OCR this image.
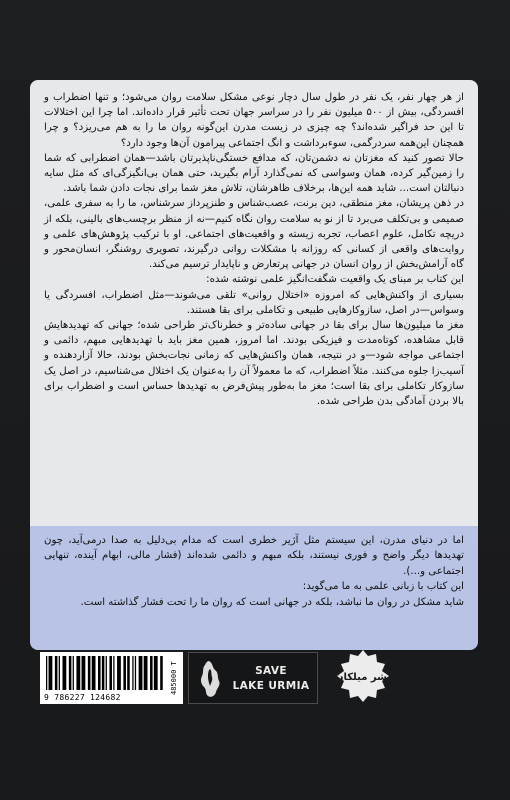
از هر چهار نفر، یک نفر در طول سال دچار نوعی مشکل سلامت روان می‌شود؛ و تنها اضطراب و افسردگی، بیش از ۵۰۰ میلیون نفر را در سراسر جهان تحت تأثیر قرار داده‌اند. اما چرا این اختلالات تا این حد فراگیر شده‌اند؟ چه چیزی در زیست مدرن این‌گونه روان ما را به هم می‌ریزد؟ و چرا همچنان این‌همه سردرگمی، سوءبرداشت و انگ اجتماعی پیرامون آن‌ها وجود دارد؟

حالا تصور کنید که مغزتان نه دشمن‌تان، که مدافع خستگی‌ناپذیرتان باشد—همان اضطرابی که شما را زمین‌گیر کرده، همان وسواسی که نمی‌گذارد آرام بگیرید، حتی همان بی‌انگیزگی‌ای که مثل سایه دنبالتان است... شاید همه این‌ها، برخلاف ظاهرشان، تلاش مغز شما برای نجات دادن شما باشد.

در ذهن پریشان، مغز منطقی، دین برنت، عصب‌شناس و طنزپرداز سرشناس، ما را به سفری علمی، صمیمی و بی‌تکلف می‌برد تا از نو به سلامت روان نگاه کنیم—نه از منظر برچسب‌های بالینی، بلکه از دریچه تکامل، علوم اعصاب، تجربه زیسته و واقعیت‌های اجتماعی. او با ترکیب پژوهش‌های علمی و روایت‌های واقعی از کسانی که روزانه با مشکلات روانی درگیرند، تصویری روشنگر، انسان‌محور و گاه آرامش‌بخش از روان انسان در جهانی پرتعارض و ناپایدار ترسیم می‌کند.

این کتاب بر مبنای یک واقعیت شگفت‌انگیز علمی نوشته شده:

بسیاری از واکنش‌هایی که امروزه «اختلال روانی» تلقی می‌شوند—مثل اضطراب، افسردگی یا وسواس—در اصل، سازوکارهایی طبیعی و تکاملی برای بقا هستند.

مغز ما میلیون‌ها سال برای بقا در جهانی ساده‌تر و خطرناک‌تر طراحی شده؛ جهانی که تهدیدهایش قابل مشاهده، کوتاه‌مدت و فیزیکی بودند. اما امروز، همین مغز باید با تهدیدهایی مبهم، دائمی و اجتماعی مواجه شود—و در نتیجه، همان واکنش‌هایی که زمانی نجات‌بخش بودند، حالا آزاردهنده و آسیب‌زا جلوه می‌کنند. مثلاً اضطراب، که ما معمولاً آن را به‌عنوان یک اختلال می‌شناسیم، در اصل یک سازوکار تکاملی برای بقا است؛ مغز ما به‌طور پیش‌فرض به تهدیدها حساس است و اضطراب برای بالا بردن آمادگی بدن طراحی شده.

اما در دنیای مدرن، این سیستم مثل آژیر خطری است که مدام بی‌دلیل به صدا درمی‌آید، چون تهدیدها دیگر واضح و فوری نیستند، بلکه مبهم و دائمی شده‌اند (فشار مالی، ابهام آینده، تنهایی اجتماعی و...).

این کتاب با زبانی علمی به ما می‌گوید:

شاید مشکل در روان ما نباشد، بلکه در جهانی است که روان ما را تحت فشار گذاشته است.

9 786227 124682
485000 T	SAVE
LAKE URMIA
نشر میلکان
